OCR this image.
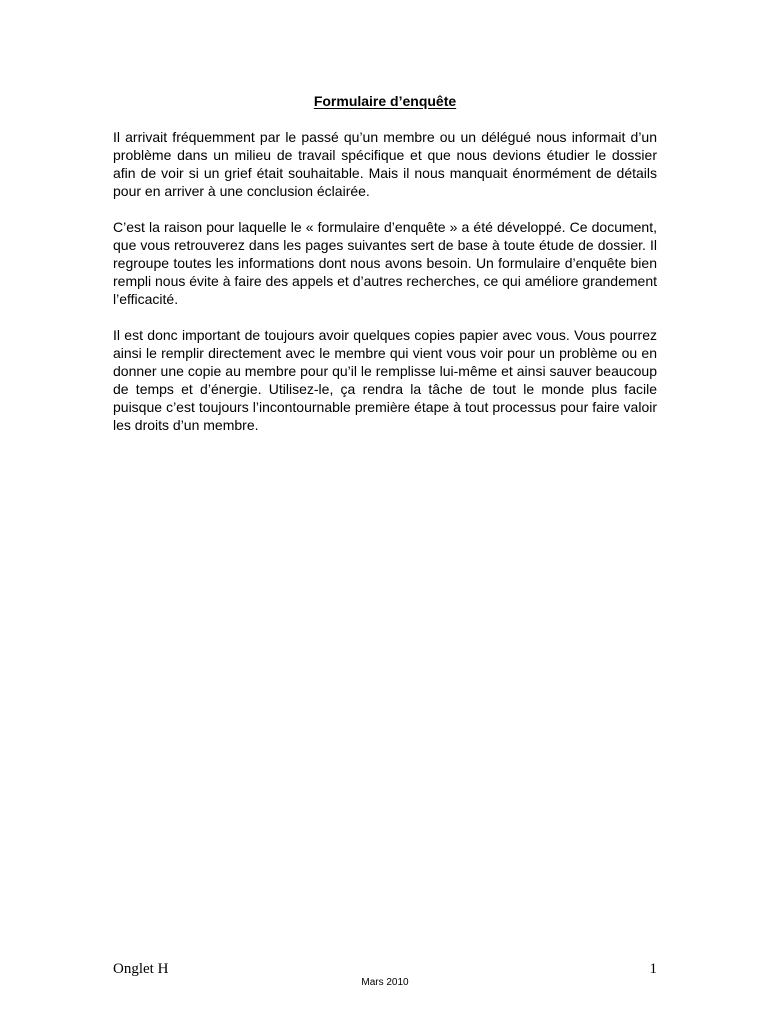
Formulaire d’enquête

Il arrivait fréquemment par le passé qu’un membre ou un délégué nous informait d’un problème dans un milieu de travail spécifique et que nous devions étudier le dossier afin de voir si un grief était souhaitable. Mais il nous manquait énormément de détails pour en arriver à une conclusion éclairée.

C’est la raison pour laquelle le « formulaire d’enquête » a été développé. Ce document, que vous retrouverez dans les pages suivantes sert de base à toute étude de dossier. Il regroupe toutes les informations dont nous avons besoin. Un formulaire d’enquête bien rempli nous évite à faire des appels et d’autres recherches, ce qui améliore grandement l’efficacité.

Il est donc important de toujours avoir quelques copies papier avec vous. Vous pourrez ainsi le remplir directement avec le membre qui vient vous voir pour un problème ou en donner une copie au membre pour qu’il le remplisse lui-même et ainsi sauver beaucoup de temps et d’énergie. Utilisez-le, ça rendra la tâche de tout le monde plus facile puisque c’est toujours l’incontournable première étape à tout processus pour faire valoir les droits d’un membre.

Onglet H	1
Mars 2010
